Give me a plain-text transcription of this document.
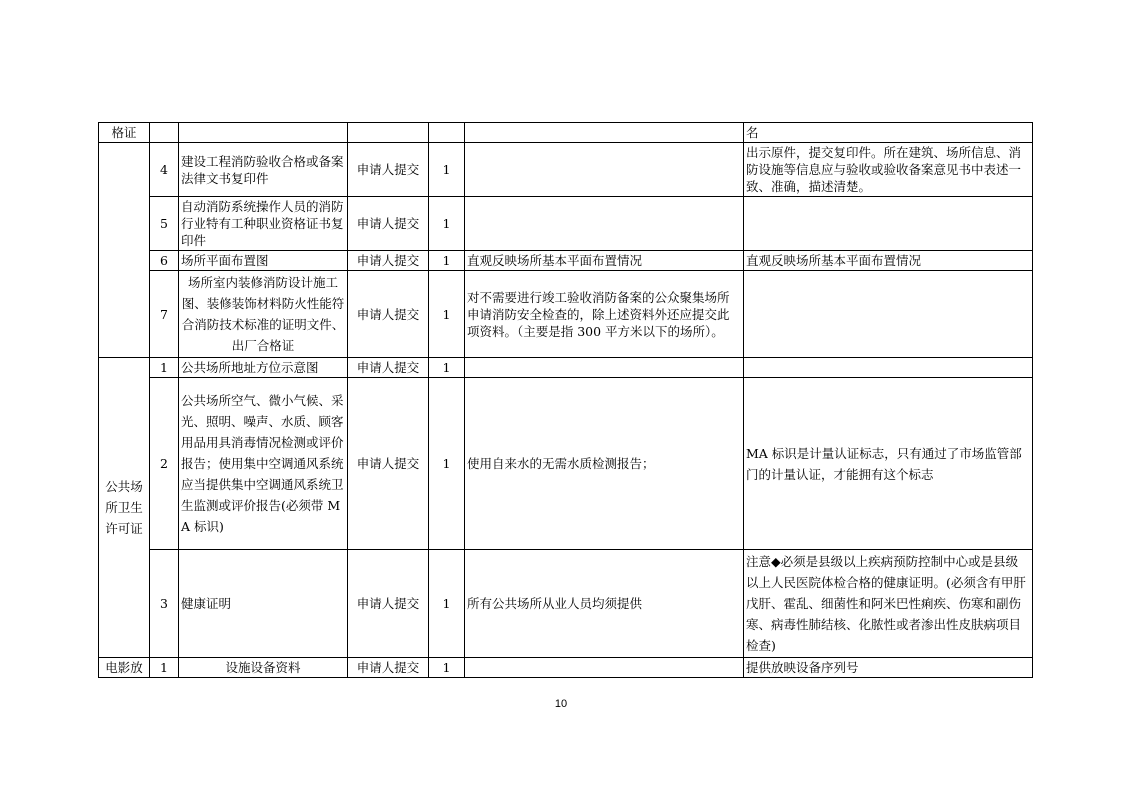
格证						名
	4	建设工程消防验收合格或备案法律文书复印件	申请人提交	1		出示原件，提交复印件。所在建筑、场所信息、消防设施等信息应与验收或验收备案意见书中表述一致、准确，描述清楚。
	5	自动消防系统操作人员的消防行业特有工种职业资格证书复印件	申请人提交	1		
	6	场所平面布置图	申请人提交	1	直观反映场所基本平面布置情况	直观反映场所基本平面布置情况
	7	场所室内装修消防设计施工图、装修装饰材料防火性能符合消防技术标准的证明文件、出厂合格证	申请人提交	1	对不需要进行竣工验收消防备案的公众聚集场所申请消防安全检查的，除上述资料外还应提交此项资料。（主要是指 300 平方米以下的场所）。	
公共场所卫生许可证	1	公共场所地址方位示意图	申请人提交	1		
	2	公共场所空气、微小气候、采光、照明、噪声、水质、顾客用品用具消毒情况检测或评价报告；使用集中空调通风系统应当提供集中空调通风系统卫生监测或评价报告(必须带 MA 标识)	申请人提交	1	使用自来水的无需水质检测报告；	MA 标识是计量认证标志，只有通过了市场监管部门的计量认证，才能拥有这个标志
	3	健康证明	申请人提交	1	所有公共场所从业人员均须提供	注意◆必须是县级以上疾病预防控制中心或是县级以上人民医院体检合格的健康证明。(必须含有甲肝戊肝、霍乱、细菌性和阿米巴性痢疾、伤寒和副伤寒、病毒性肺结核、化脓性或者渗出性皮肤病项目检查)
电影放	1	设施设备资料	申请人提交	1		提供放映设备序列号
10
